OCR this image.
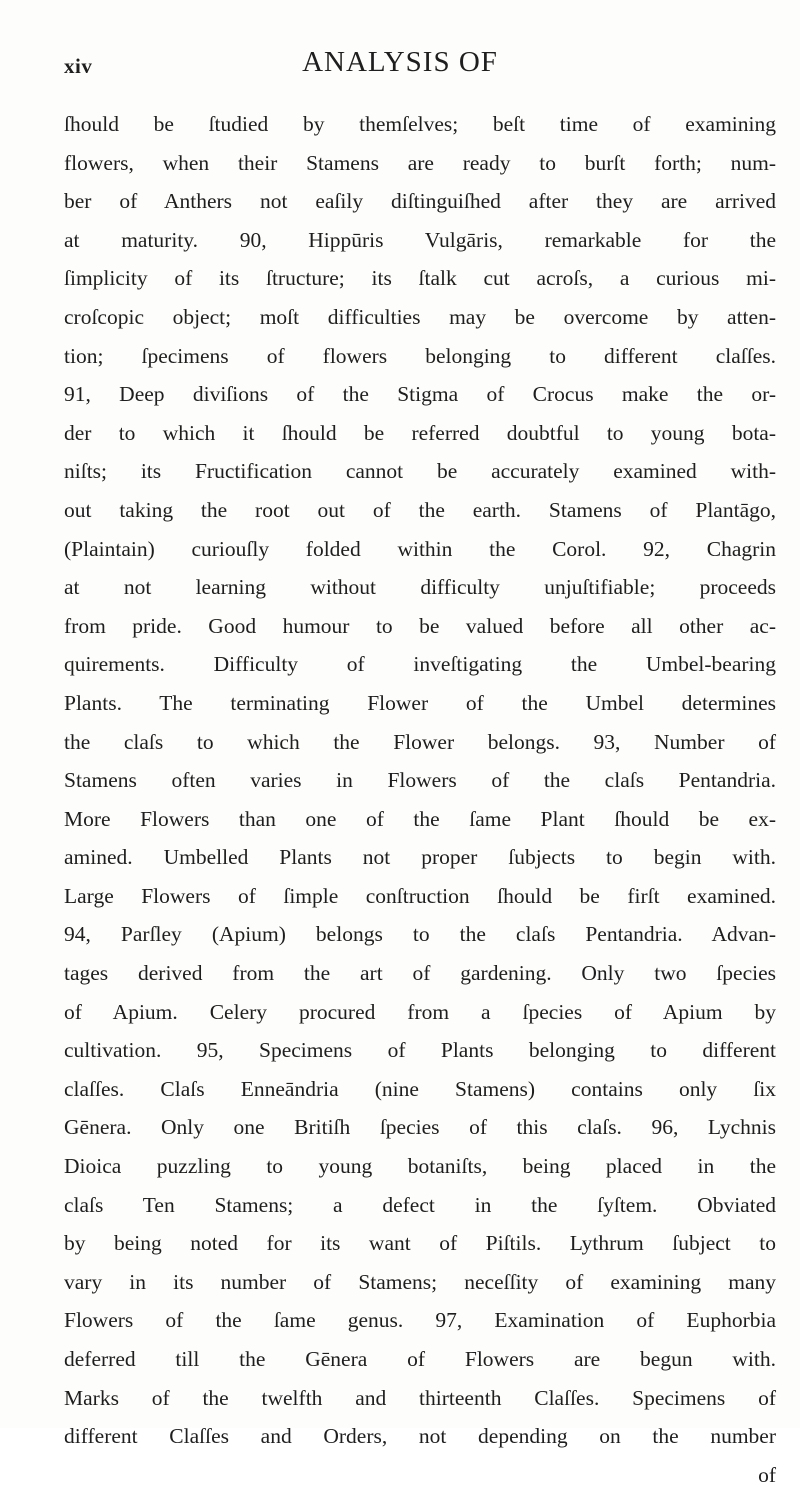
xiv	ANALYSIS OF
ſhould be ſtudied by themſelves; beſt time of examining
flowers, when their Stamens are ready to burſt forth; num-
ber of Anthers not eaſily diſtinguiſhed after they are arrived
at maturity. 90, Hippūris Vulgāris, remarkable for the
ſimplicity of its ſtructure; its ſtalk cut acroſs, a curious mi-
croſcopic object; moſt difficulties may be overcome by atten-
tion; ſpecimens of flowers belonging to different claſſes.
91, Deep diviſions of the Stigma of Crocus make the or-
der to which it ſhould be referred doubtful to young bota-
niſts; its Fructification cannot be accurately examined with-
out taking the root out of the earth. Stamens of Plantāgo,
(Plaintain) curiouſly folded within the Corol. 92, Chagrin
at not learning without difficulty unjuſtifiable; proceeds
from pride. Good humour to be valued before all other ac-
quirements. Difficulty of inveſtigating the Umbel-bearing
Plants. The terminating Flower of the Umbel determines
the claſs to which the Flower belongs. 93, Number of
Stamens often varies in Flowers of the claſs Pentandria.
More Flowers than one of the ſame Plant ſhould be ex-
amined. Umbelled Plants not proper ſubjects to begin with.
Large Flowers of ſimple conſtruction ſhould be firſt examined.
94, Parſley (Apium) belongs to the claſs Pentandria. Advan-
tages derived from the art of gardening. Only two ſpecies
of Apium. Celery procured from a ſpecies of Apium by
cultivation. 95, Specimens of Plants belonging to different
claſſes. Claſs Enneāndria (nine Stamens) contains only ſix
Gēnera. Only one Britiſh ſpecies of this claſs. 96, Lychnis
Dioica puzzling to young botaniſts, being placed in the
claſs Ten Stamens; a defect in the ſyſtem. Obviated
by being noted for its want of Piſtils. Lythrum ſubject to
vary in its number of Stamens; neceſſity of examining many
Flowers of the ſame genus. 97, Examination of Euphorbia
deferred till the Gēnera of Flowers are begun with.
Marks of the twelfth and thirteenth Claſſes. Specimens of
different Claſſes and Orders, not depending on the number
of
